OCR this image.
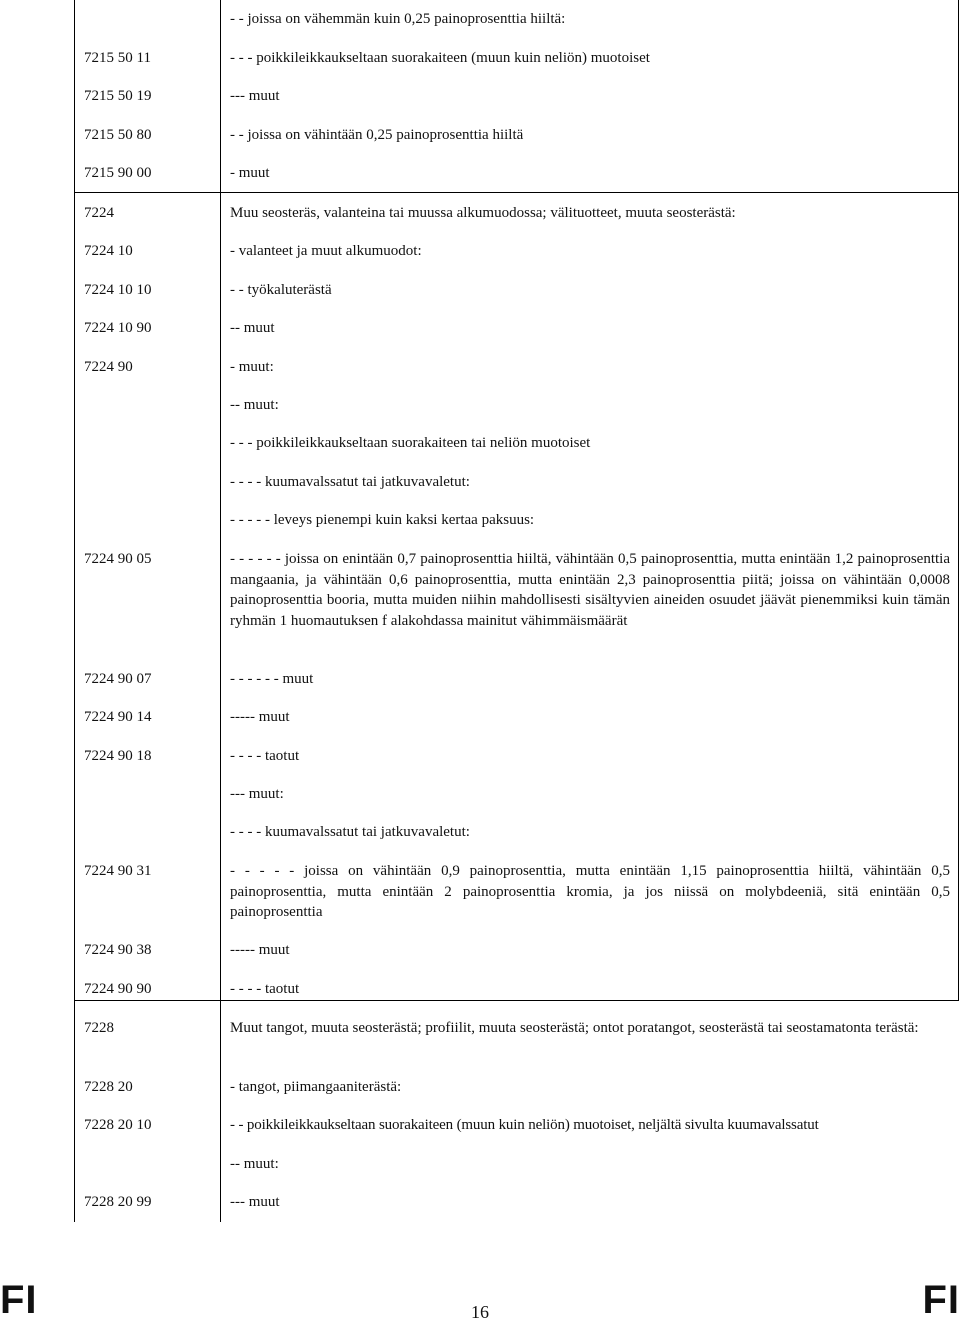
- - joissa on vähemmän kuin 0,25 painoprosenttia hiiltä:
7215 50 11	- - - poikkileikkaukseltaan suorakaiteen (muun kuin neliön) muotoiset
7215 50 19	--- muut
7215 50 80	- - joissa on vähintään 0,25 painoprosenttia hiiltä
7215 90 00	- muut
7224	Muu seosteräs, valanteina tai muussa alkumuodossa; välituotteet, muuta seosterästä:
7224 10	- valanteet ja muut alkumuodot:
7224 10 10	- - työkaluterästä
7224 10 90	-- muut
7224 90	- muut:
-- muut:
- - - poikkileikkaukseltaan suorakaiteen tai neliön muotoiset
- - - - kuumavalssatut tai jatkuvavaletut:
- - - - - leveys pienempi kuin kaksi kertaa paksuus:
7224 90 05	- - - - - - joissa on enintään 0,7 painoprosenttia hiiltä, vähintään 0,5 painoprosenttia, mutta enintään 1,2 painoprosenttia mangaania, ja vähintään 0,6 painoprosenttia, mutta enintään 2,3 painoprosenttia piitä; joissa on vähintään 0,0008 painoprosenttia booria, mutta muiden niihin mahdollisesti sisältyvien aineiden osuudet jäävät pienemmiksi kuin tämän ryhmän 1 huomautuksen f alakohdassa mainitut vähimmäismäärät
7224 90 07	- - - - - - muut
7224 90 14	----- muut
7224 90 18	- - - - taotut
--- muut:
- - - - kuumavalssatut tai jatkuvavaletut:
7224 90 31	- - - - - joissa on vähintään 0,9 painoprosenttia, mutta enintään 1,15 painoprosenttia hiiltä, vähintään 0,5 painoprosenttia, mutta enintään 2 painoprosenttia kromia, ja jos niissä on molybdeeniä, sitä enintään 0,5 painoprosenttia
7224 90 38	----- muut
7224 90 90	- - - - taotut
7228	Muut tangot, muuta seosterästä; profiilit, muuta seosterästä; ontot poratangot, seosterästä tai seostamatonta terästä:
7228 20	- tangot, piimangaaniterästä:
7228 20 10	- - poikkileikkaukseltaan suorakaiteen (muun kuin neliön) muotoiset, neljältä sivulta kuumavalssatut
-- muut:
7228 20 99	--- muut
FI	16	FI
